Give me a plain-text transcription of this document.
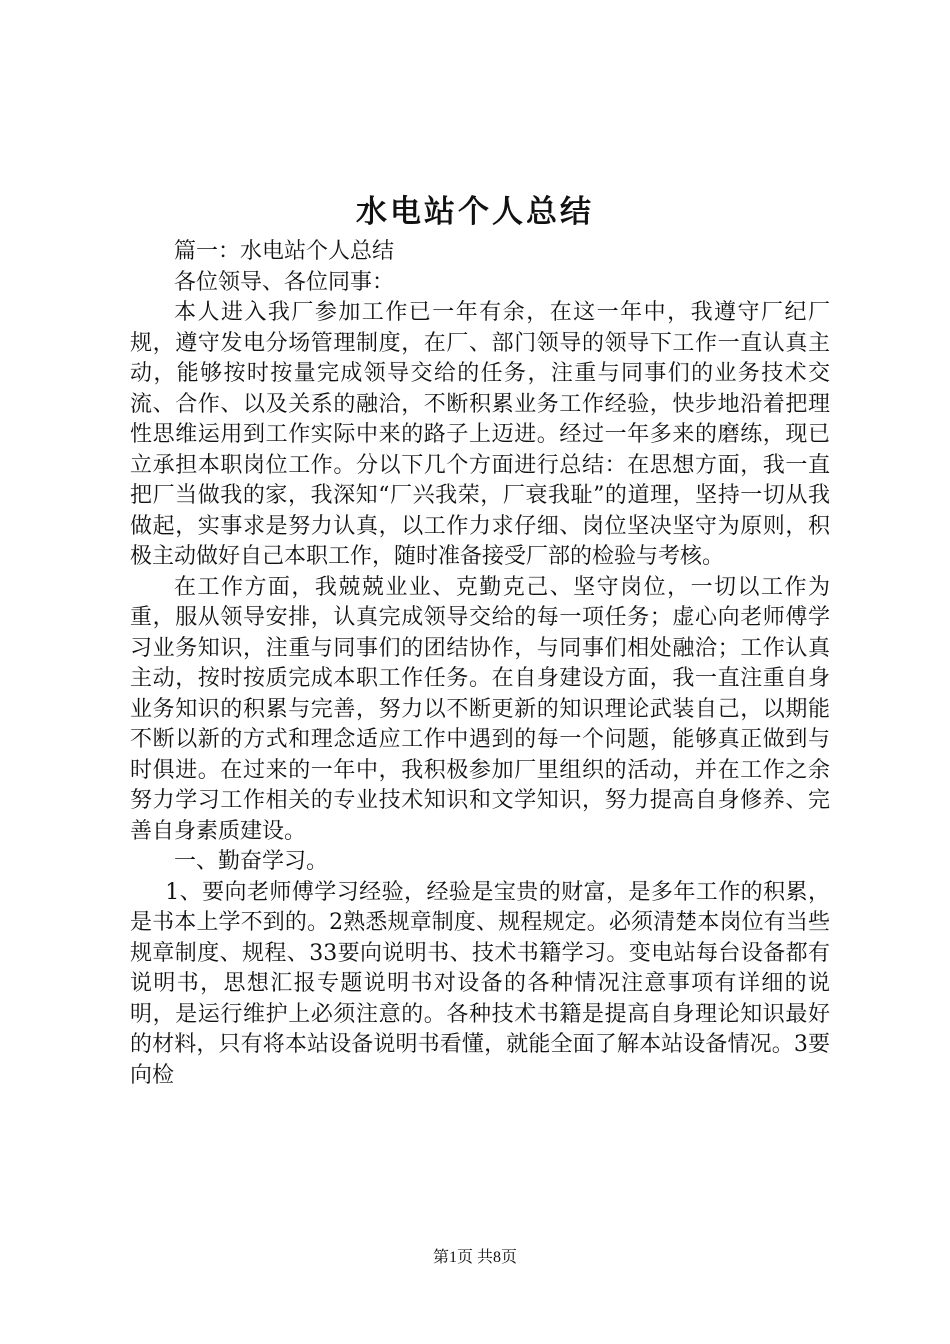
水电站个人总结

篇一：水电站个人总结

各位领导、各位同事：

本人进入我厂参加工作已一年有余，在这一年中，我遵守厂纪厂规，遵守发电分场管理制度，在厂、部门领导的领导下工作一直认真主动，能够按时按量完成领导交给的任务，注重与同事们的业务技术交流、合作、以及关系的融洽，不断积累业务工作经验，快步地沿着把理性思维运用到工作实际中来的路子上迈进。经过一年多来的磨练，现已立承担本职岗位工作。分以下几个方面进行总结：在思想方面，我一直把厂当做我的家，我深知“厂兴我荣，厂衰我耻”的道理，坚持一切从我做起，实事求是努力认真，以工作力求仔细、岗位坚决坚守为原则，积极主动做好自己本职工作，随时准备接受厂部的检验与考核。

在工作方面，我兢兢业业、克勤克己、坚守岗位，一切以工作为重，服从领导安排，认真完成领导交给的每一项任务；虚心向老师傅学习业务知识，注重与同事们的团结协作，与同事们相处融洽；工作认真主动，按时按质完成本职工作任务。在自身建设方面，我一直注重自身业务知识的积累与完善，努力以不断更新的知识理论武装自己，以期能不断以新的方式和理念适应工作中遇到的每一个问题，能够真正做到与时俱进。在过来的一年中，我积极参加厂里组织的活动，并在工作之余努力学习工作相关的专业技术知识和文学知识，努力提高自身修养、完善自身素质建设。

一、勤奋学习。

1、要向老师傅学习经验，经验是宝贵的财富，是多年工作的积累，是书本上学不到的。2熟悉规章制度、规程规定。必须清楚本岗位有当些规章制度、规程、33要向说明书、技术书籍学习。变电站每台设备都有说明书，思想汇报专题说明书对设备的各种情况注意事项有详细的说明，是运行维护上必须注意的。各种技术书籍是提高自身理论知识最好的材料，只有将本站设备说明书看懂，就能全面了解本站设备情况。3要向检

第1页 共8页
